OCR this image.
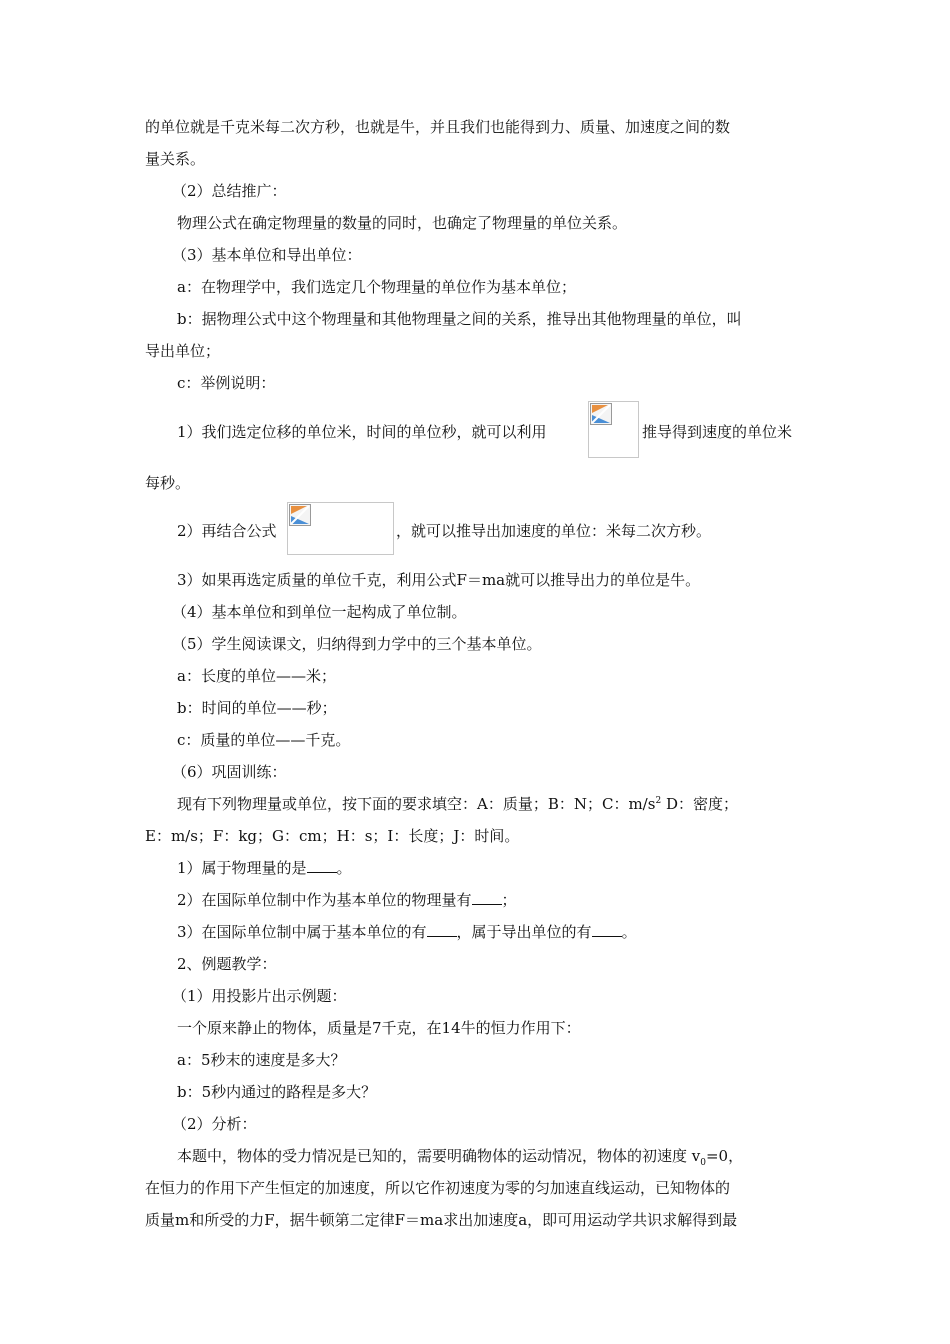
的单位就是千克米每二次方秒，也就是牛，并且我们也能得到力、质量、加速度之间的数
量关系。
（2）总结推广：
物理公式在确定物理量的数量的同时，也确定了物理量的单位关系。
（3）基本单位和导出单位：
a：在物理学中，我们选定几个物理量的单位作为基本单位；
b：据物理公式中这个物理量和其他物理量之间的关系，推导出其他物理量的单位，叫
导出单位；
c：举例说明：
1）我们选定位移的单位米，时间的单位秒，就可以利用	推导得到速度的单位米
每秒。
2）再结合公式	，就可以推导出加速度的单位：米每二次方秒。
3）如果再选定质量的单位千克，利用公式F＝ma就可以推导出力的单位是牛。
（4）基本单位和到单位一起构成了单位制。
（5）学生阅读课文，归纳得到力学中的三个基本单位。
a：长度的单位——米；
b：时间的单位——秒；
c：质量的单位——千克。
（6）巩固训练：
现有下列物理量或单位，按下面的要求填空：A：质量；B：N；C：$m/s^2$ D：密度；
E：m/s；F：kg；G：cm；H：s；I：长度；J：时间。
1）属于物理量的是 。
2）在国际单位制中作为基本单位的物理量有 ；
3）在国际单位制中属于基本单位的有 ，属于导出单位的有 。
2、例题教学：
（1）用投影片出示例题：
一个原来静止的物体，质量是7千克，在14牛的恒力作用下：
a：5秒末的速度是多大？
b：5秒内通过的路程是多大？
（2）分析：
本题中，物体的受力情况是已知的，需要明确物体的运动情况，物体的初速度 $v_0=0$，
在恒力的作用下产生恒定的加速度，所以它作初速度为零的匀加速直线运动，已知物体的
质量m和所受的力F，据牛顿第二定律F＝ma求出加速度a，即可用运动学共识求解得到最
